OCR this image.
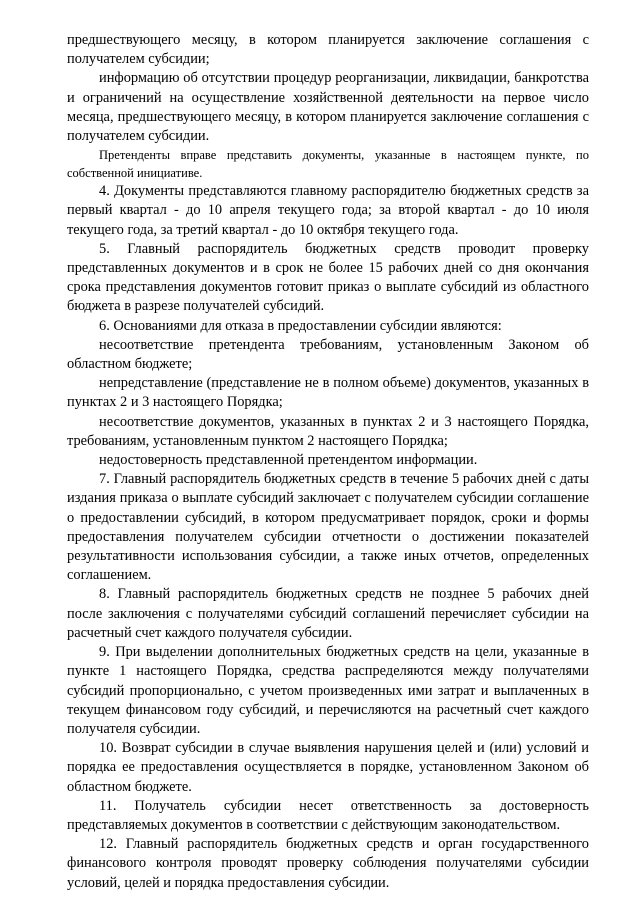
предшествующего месяцу, в котором планируется заключение соглашения с получателем субсидии;

информацию об отсутствии процедур реорганизации, ликвидации, банкротства и ограничений на осуществление хозяйственной деятельности на первое число месяца, предшествующего месяцу, в котором планируется заключение соглашения с получателем субсидии.

Претенденты вправе представить документы, указанные в настоящем пункте, по собственной инициативе.

4. Документы представляются главному распорядителю бюджетных средств за первый квартал - до 10 апреля текущего года; за второй квартал - до 10 июля текущего года, за третий квартал - до 10 октября текущего года.

5. Главный распорядитель бюджетных средств проводит проверку представленных документов и в срок не более 15 рабочих дней со дня окончания срока представления документов готовит приказ о выплате субсидий из областного бюджета в разрезе получателей субсидий.

6. Основаниями для отказа в предоставлении субсидии являются:

несоответствие претендента требованиям, установленным Законом об областном бюджете;

непредставление (представление не в полном объеме) документов, указанных в пунктах 2 и 3 настоящего Порядка;

несоответствие документов, указанных в пунктах 2 и 3 настоящего Порядка, требованиям, установленным пунктом 2 настоящего Порядка;

недостоверность представленной претендентом информации.

7. Главный распорядитель бюджетных средств в течение 5 рабочих дней с даты издания приказа о выплате субсидий заключает с получателем субсидии соглашение о предоставлении субсидий, в котором предусматривает порядок, сроки и формы предоставления получателем субсидии отчетности о достижении показателей результативности использования субсидии, а также иных отчетов, определенных соглашением.

8. Главный распорядитель бюджетных средств не позднее 5 рабочих дней после заключения с получателями субсидий соглашений перечисляет субсидии на расчетный счет каждого получателя субсидии.

9. При выделении дополнительных бюджетных средств на цели, указанные в пункте 1 настоящего Порядка, средства распределяются между получателями субсидий пропорционально, с учетом произведенных ими затрат и выплаченных в текущем финансовом году субсидий, и перечисляются на расчетный счет каждого получателя субсидии.

10. Возврат субсидии в случае выявления нарушения целей и (или) условий и порядка ее предоставления осуществляется в порядке, установленном Законом об областном бюджете.

11. Получатель субсидии несет ответственность за достоверность представляемых документов в соответствии с действующим законодательством.

12. Главный распорядитель бюджетных средств и орган государственного финансового контроля проводят проверку соблюдения получателями субсидии условий, целей и порядка предоставления субсидии.
